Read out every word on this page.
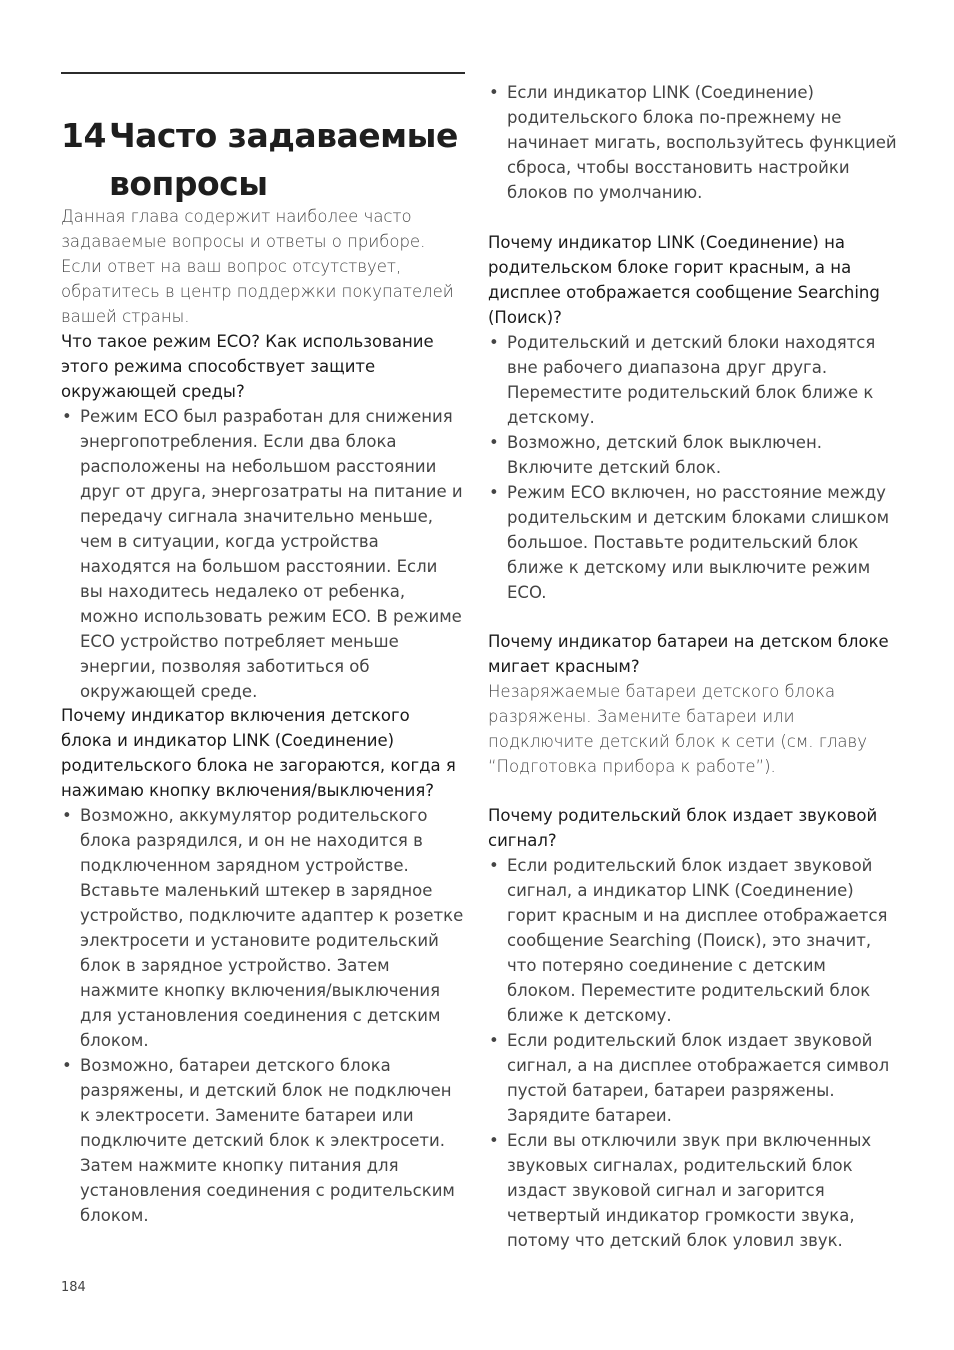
14Часто задаваемые
вопросы

Данная глава содержит наиболее часто задаваемые вопросы и ответы о приборе. Если ответ на ваш вопрос отсутствует, обратитесь в центр поддержки покупателей вашей страны.

Что такое режим ECO? Как использование этого режима способствует защите окружающей среды?
• Режим ECO был разработан для снижения энергопотребления. Если два блока расположены на небольшом расстоянии друг от друга, энергозатраты на питание и передачу сигнала значительно меньше, чем в ситуации, когда устройства находятся на большом расстоянии. Если вы находитесь недалеко от ребенка, можно использовать режим ECO. В режиме ECO устройство потребляет меньше энергии, позволяя заботиться об окружающей среде.
Почему индикатор включения детского блока и индикатор LINK (Соединение) родительского блока не загораются, когда я нажимаю кнопку включения/выключения?
• Возможно, аккумулятор родительского блока разрядился, и он не находится в подключенном зарядном устройстве. Вставьте маленький штекер в зарядное устройство, подключите адаптер к розетке электросети и установите родительский блок в зарядное устройство. Затем нажмите кнопку включения/выключения для установления соединения с детским блоком.
• Возможно, батареи детского блока разряжены, и детский блок не подключен к электросети. Замените батареи или подключите детский блок к электросети. Затем нажмите кнопку питания для установления соединения с родительским блоком.
• Если индикатор LINK (Соединение) родительского блока по-прежнему не начинает мигать, воспользуйтесь функцией сброса, чтобы восстановить настройки блоков по умолчанию.
Почему индикатор LINK (Соединение) на родительском блоке горит красным, а на дисплее отображается сообщение Searching (Поиск)?
• Родительский и детский блоки находятся вне рабочего диапазона друг друга. Переместите родительский блок ближе к детскому.
• Возможно, детский блок выключен. Включите детский блок.
• Режим ECO включен, но расстояние между родительским и детским блоками слишком большое. Поставьте родительский блок ближе к детскому или выключите режим ECO.
Почему индикатор батареи на детском блоке мигает красным?

Незаряжаемые батареи детского блока разряжены. Замените батареи или подключите детский блок к сети (см. главу “Подготовка прибора к работе”).

Почему родительский блок издает звуковой сигнал?
• Если родительский блок издает звуковой сигнал, а индикатор LINK (Соединение) горит красным и на дисплее отображается сообщение Searching (Поиск), это значит, что потеряно соединение с детским блоком. Переместите родительский блок ближе к детскому.
• Если родительский блок издает звуковой сигнал, а на дисплее отображается символ пустой батареи, батареи разряжены. Зарядите батареи.
• Если вы отключили звук при включенных звуковых сигналах, родительский блок издаст звуковой сигнал и загорится четвертый индикатор громкости звука, потому что детский блок уловил звук.
184
